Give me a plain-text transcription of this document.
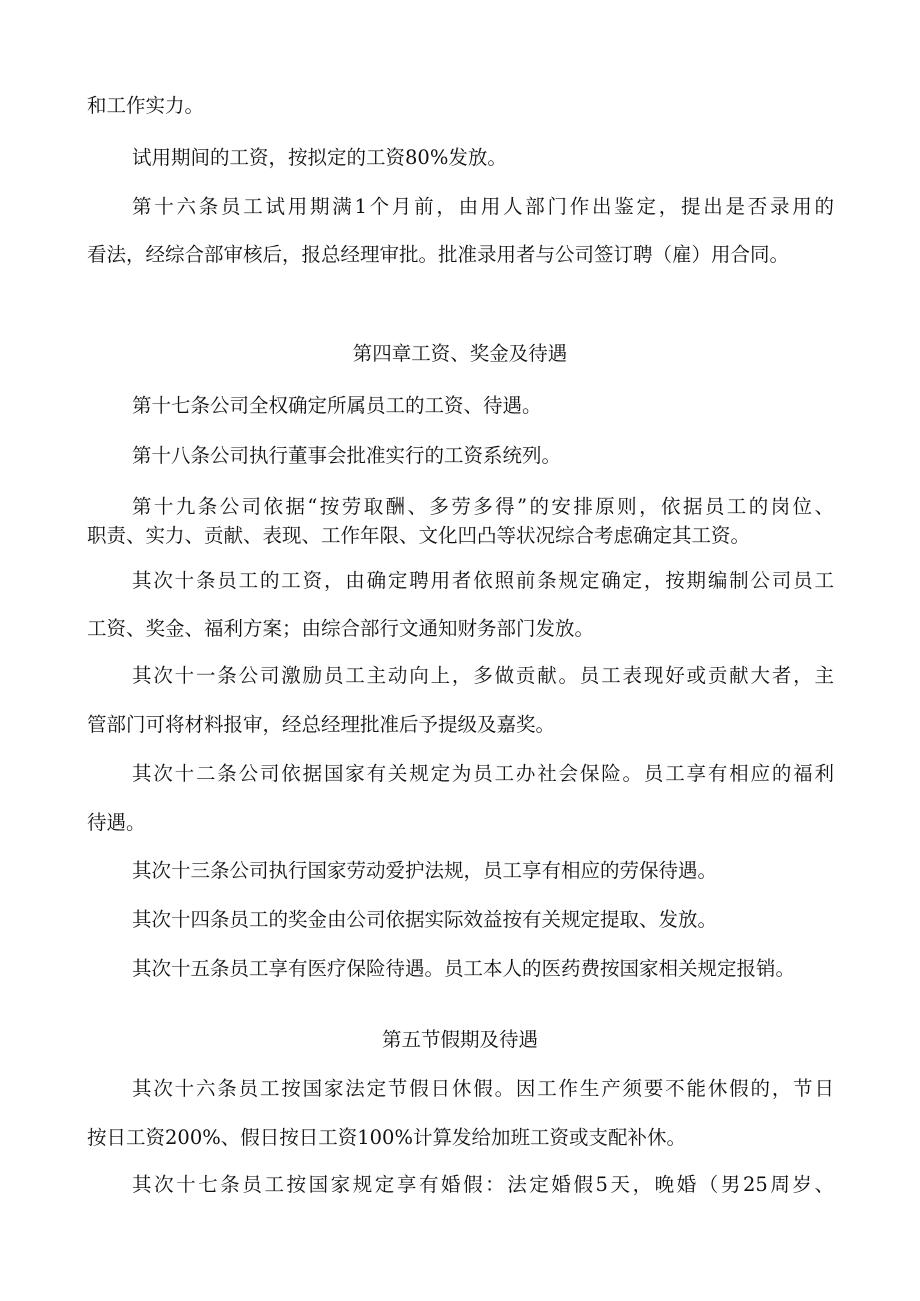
和工作实力。

试用期间的工资，按拟定的工资80%发放。

第十六条员工试用期满1个月前，由用人部门作出鉴定，提出是否录用的

看法，经综合部审核后，报总经理审批。批准录用者与公司签订聘（雇）用合同。

第四章工资、奖金及待遇

第十七条公司全权确定所属员工的工资、待遇。

第十八条公司执行董事会批准实行的工资系统列。

第十九条公司依据“按劳取酬、多劳多得”的安排原则，依据员工的岗位、

职责、实力、贡献、表现、工作年限、文化凹凸等状况综合考虑确定其工资。

其次十条员工的工资，由确定聘用者依照前条规定确定，按期编制公司员工

工资、奖金、福利方案；由综合部行文通知财务部门发放。

其次十一条公司激励员工主动向上，多做贡献。员工表现好或贡献大者，主

管部门可将材料报审，经总经理批准后予提级及嘉奖。

其次十二条公司依据国家有关规定为员工办社会保险。员工享有相应的福利

待遇。

其次十三条公司执行国家劳动爱护法规，员工享有相应的劳保待遇。

其次十四条员工的奖金由公司依据实际效益按有关规定提取、发放。

其次十五条员工享有医疗保险待遇。员工本人的医药费按国家相关规定报销。

第五节假期及待遇

其次十六条员工按国家法定节假日休假。因工作生产须要不能休假的，节日

按日工资200%、假日按日工资100%计算发给加班工资或支配补休。

其次十七条员工按国家规定享有婚假：法定婚假5天，晚婚（男25周岁、
